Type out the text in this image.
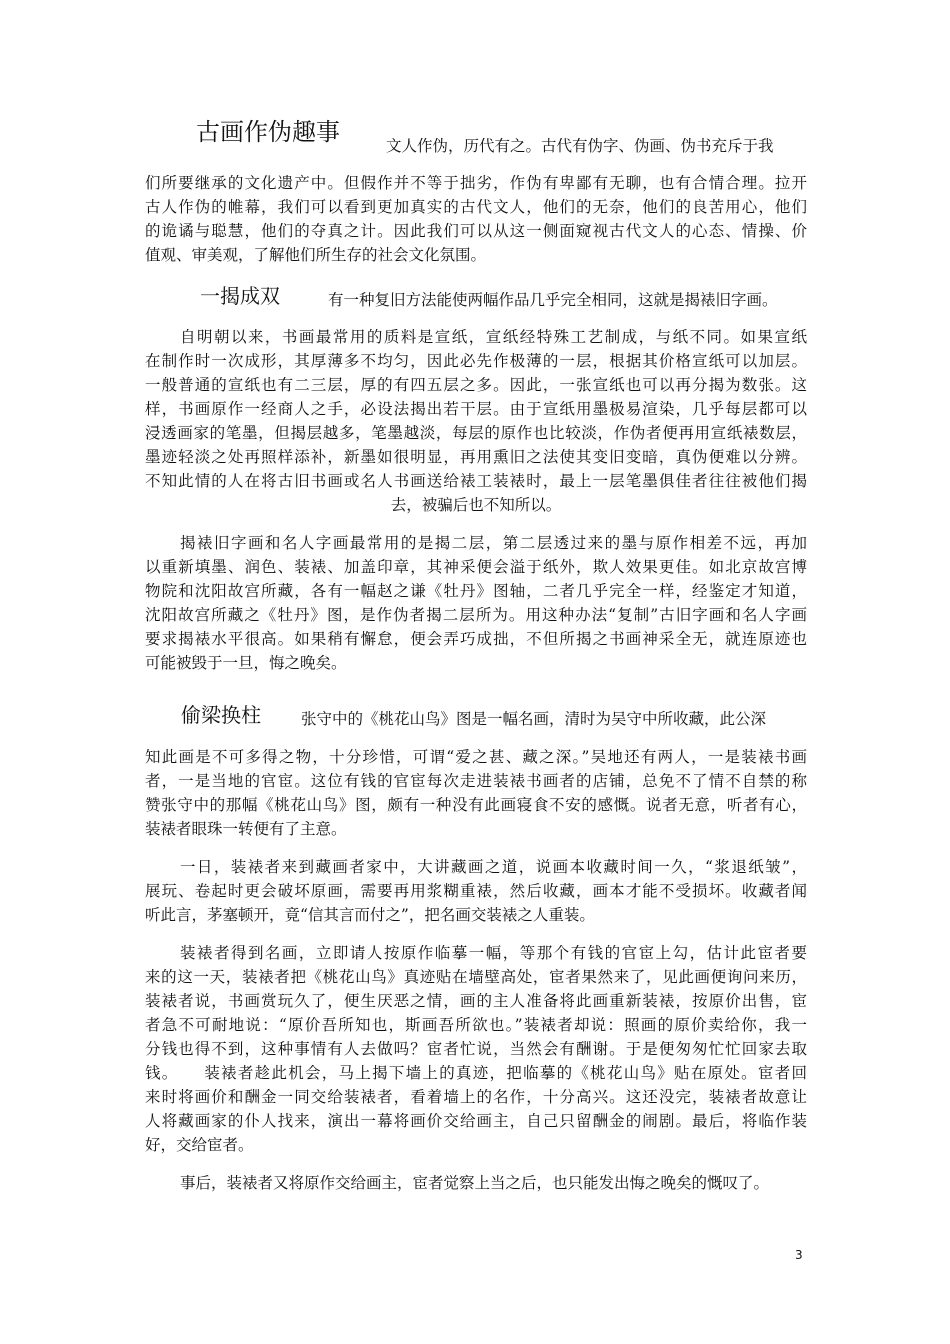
古画作伪趣事	文人作伪，历代有之。古代有伪字、伪画、伪书充斥于我
们所要继承的文化遗产中。但假作并不等于拙劣，作伪有卑鄙有无聊，也有合情合理。拉开
古人作伪的帷幕，我们可以看到更加真实的古代文人，他们的无奈，他们的良苦用心，他们
的诡谲与聪慧，他们的夺真之计。因此我们可以从这一侧面窥视古代文人的心态、情操、价
值观、审美观，了解他们所生存的社会文化氛围。
一揭成双	有一种复旧方法能使两幅作品几乎完全相同，这就是揭裱旧字画。
自明朝以来，书画最常用的质料是宣纸，宣纸经特殊工艺制成，与纸不同。如果宣纸
在制作时一次成形，其厚薄多不均匀，因此必先作极薄的一层，根据其价格宣纸可以加层。
一般普通的宣纸也有二三层，厚的有四五层之多。因此，一张宣纸也可以再分揭为数张。这
样，书画原作一经商人之手，必设法揭出若干层。由于宣纸用墨极易渲染，几乎每层都可以
浸透画家的笔墨，但揭层越多，笔墨越淡，每层的原作也比较淡，作伪者便再用宣纸裱数层，
墨迹轻淡之处再照样添补，新墨如很明显，再用熏旧之法使其变旧变暗，真伪便难以分辨。
不知此情的人在将古旧书画或名人书画送给裱工装裱时，最上一层笔墨俱佳者往往被他们揭
去，被骗后也不知所以。
揭裱旧字画和名人字画最常用的是揭二层，第二层透过来的墨与原作相差不远，再加
以重新填墨、润色、装裱、加盖印章，其神采便会溢于纸外，欺人效果更佳。如北京故宫博
物院和沈阳故宫所藏，各有一幅赵之谦《牡丹》图轴，二者几乎完全一样，经鉴定才知道，
沈阳故宫所藏之《牡丹》图，是作伪者揭二层所为。用这种办法“复制”古旧字画和名人字画
要求揭裱水平很高。如果稍有懈怠，便会弄巧成拙，不但所揭之书画神采全无，就连原迹也
可能被毁于一旦，悔之晚矣。
偷梁换柱	张守中的《桃花山鸟》图是一幅名画，清时为吴守中所收藏，此公深
知此画是不可多得之物，十分珍惜，可谓“爱之甚、藏之深。”吴地还有两人，一是装裱书画
者，一是当地的官宦。这位有钱的官宦每次走进装裱书画者的店铺，总免不了情不自禁的称
赞张守中的那幅《桃花山鸟》图，颇有一种没有此画寝食不安的感慨。说者无意，听者有心，
装裱者眼珠一转便有了主意。
一日，装裱者来到藏画者家中，大讲藏画之道，说画本收藏时间一久，“浆退纸皱”，
展玩、卷起时更会破坏原画，需要再用浆糊重裱，然后收藏，画本才能不受损坏。收藏者闻
听此言，茅塞顿开，竟“信其言而付之”，把名画交装裱之人重装。
装裱者得到名画，立即请人按原作临摹一幅，等那个有钱的官宦上勾，估计此宦者要
来的这一天，装裱者把《桃花山鸟》真迹贴在墙壁高处，宦者果然来了，见此画便询问来历，
装裱者说，书画赏玩久了，便生厌恶之情，画的主人准备将此画重新装裱，按原价出售，宦
者急不可耐地说：“原价吾所知也，斯画吾所欲也。”装裱者却说：照画的原价卖给你，我一
分钱也得不到，这种事情有人去做吗？宦者忙说，当然会有酬谢。于是便匆匆忙忙回家去取
钱。　　装裱者趁此机会，马上揭下墙上的真迹，把临摹的《桃花山鸟》贴在原处。宦者回
来时将画价和酬金一同交给装裱者，看着墙上的名作，十分高兴。这还没完，装裱者故意让
人将藏画家的仆人找来，演出一幕将画价交给画主，自己只留酬金的闹剧。最后，将临作装
好，交给宦者。
事后，装裱者又将原作交给画主，宦者觉察上当之后，也只能发出悔之晚矣的慨叹了。
3
